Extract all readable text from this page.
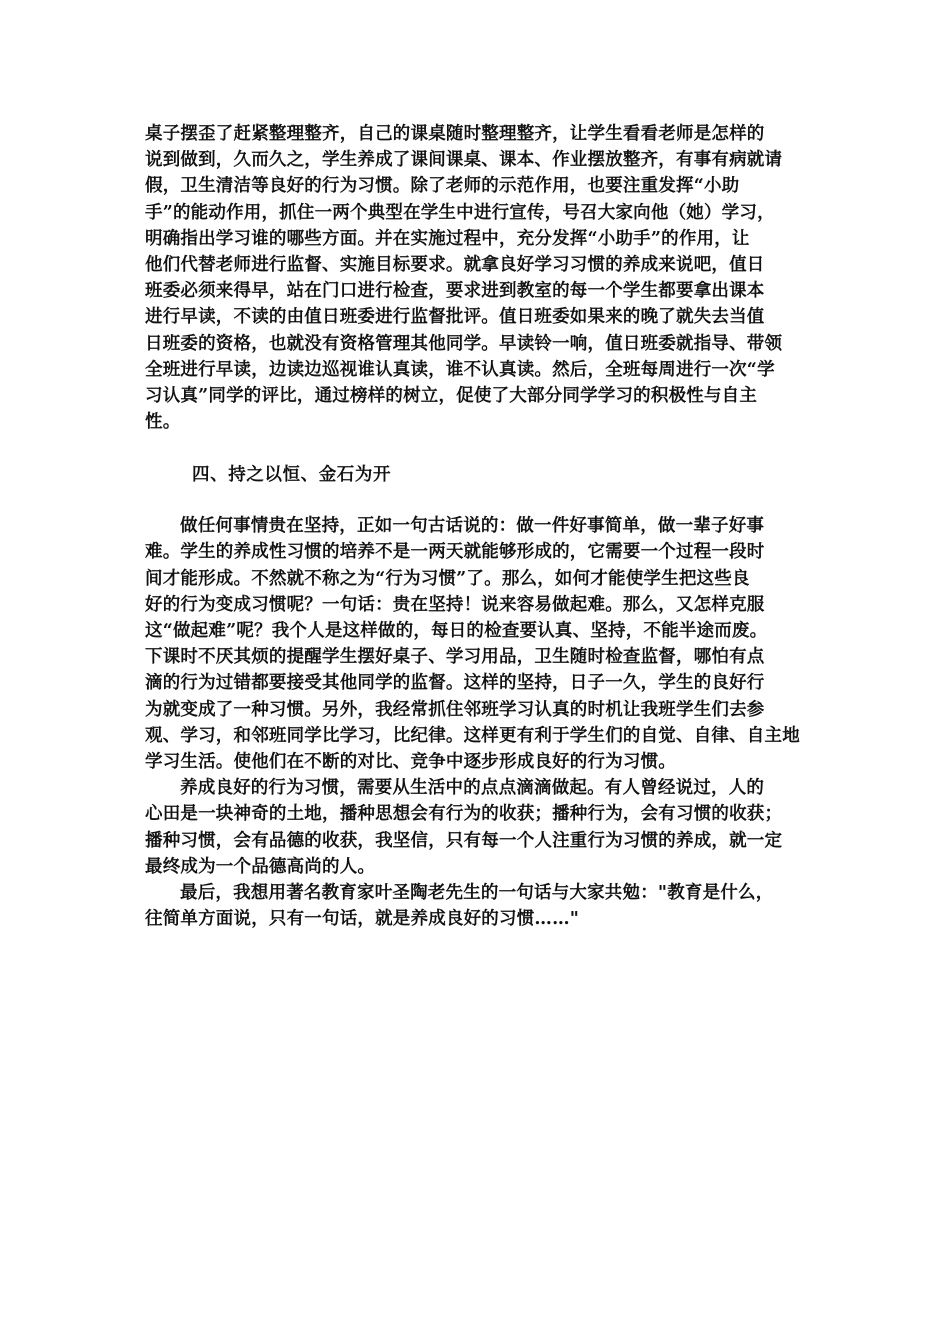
桌子摆歪了赶紧整理整齐，自己的课桌随时整理整齐，让学生看看老师是怎样的
说到做到，久而久之，学生养成了课间课桌、课本、作业摆放整齐，有事有病就请
假，卫生清洁等良好的行为习惯。除了老师的示范作用，也要注重发挥“小助
手”的能动作用，抓住一两个典型在学生中进行宣传，号召大家向他（她）学习，
明确指出学习谁的哪些方面。并在实施过程中，充分发挥“小助手”的作用，让
他们代替老师进行监督、实施目标要求。就拿良好学习习惯的养成来说吧，值日
班委必须来得早，站在门口进行检查，要求进到教室的每一个学生都要拿出课本
进行早读，不读的由值日班委进行监督批评。值日班委如果来的晚了就失去当值
日班委的资格，也就没有资格管理其他同学。早读铃一响，值日班委就指导、带领
全班进行早读，边读边巡视谁认真读，谁不认真读。然后，全班每周进行一次“学
习认真”同学的评比，通过榜样的树立，促使了大部分同学学习的积极性与自主
性。
四、持之以恒、金石为开
做任何事情贵在坚持，正如一句古话说的：做一件好事简单，做一辈子好事
难。学生的养成性习惯的培养不是一两天就能够形成的，它需要一个过程一段时
间才能形成。不然就不称之为“行为习惯”了。那么，如何才能使学生把这些良
好的行为变成习惯呢？一句话：贵在坚持！说来容易做起难。那么，又怎样克服
这“做起难”呢？我个人是这样做的，每日的检查要认真、坚持，不能半途而废。
下课时不厌其烦的提醒学生摆好桌子、学习用品，卫生随时检查监督，哪怕有点
滴的行为过错都要接受其他同学的监督。这样的坚持，日子一久，学生的良好行
为就变成了一种习惯。另外，我经常抓住邻班学习认真的时机让我班学生们去参
观、学习，和邻班同学比学习，比纪律。这样更有利于学生们的自觉、自律、自主地
学习生活。使他们在不断的对比、竞争中逐步形成良好的行为习惯。
养成良好的行为习惯，需要从生活中的点点滴滴做起。有人曾经说过，人的
心田是一块神奇的土地，播种思想会有行为的收获；播种行为，会有习惯的收获；
播种习惯，会有品德的收获，我坚信，只有每一个人注重行为习惯的养成，就一定
最终成为一个品德高尚的人。
最后，我想用著名教育家叶圣陶老先生的一句话与大家共勉："教育是什么，
往简单方面说，只有一句话，就是养成良好的习惯……"
